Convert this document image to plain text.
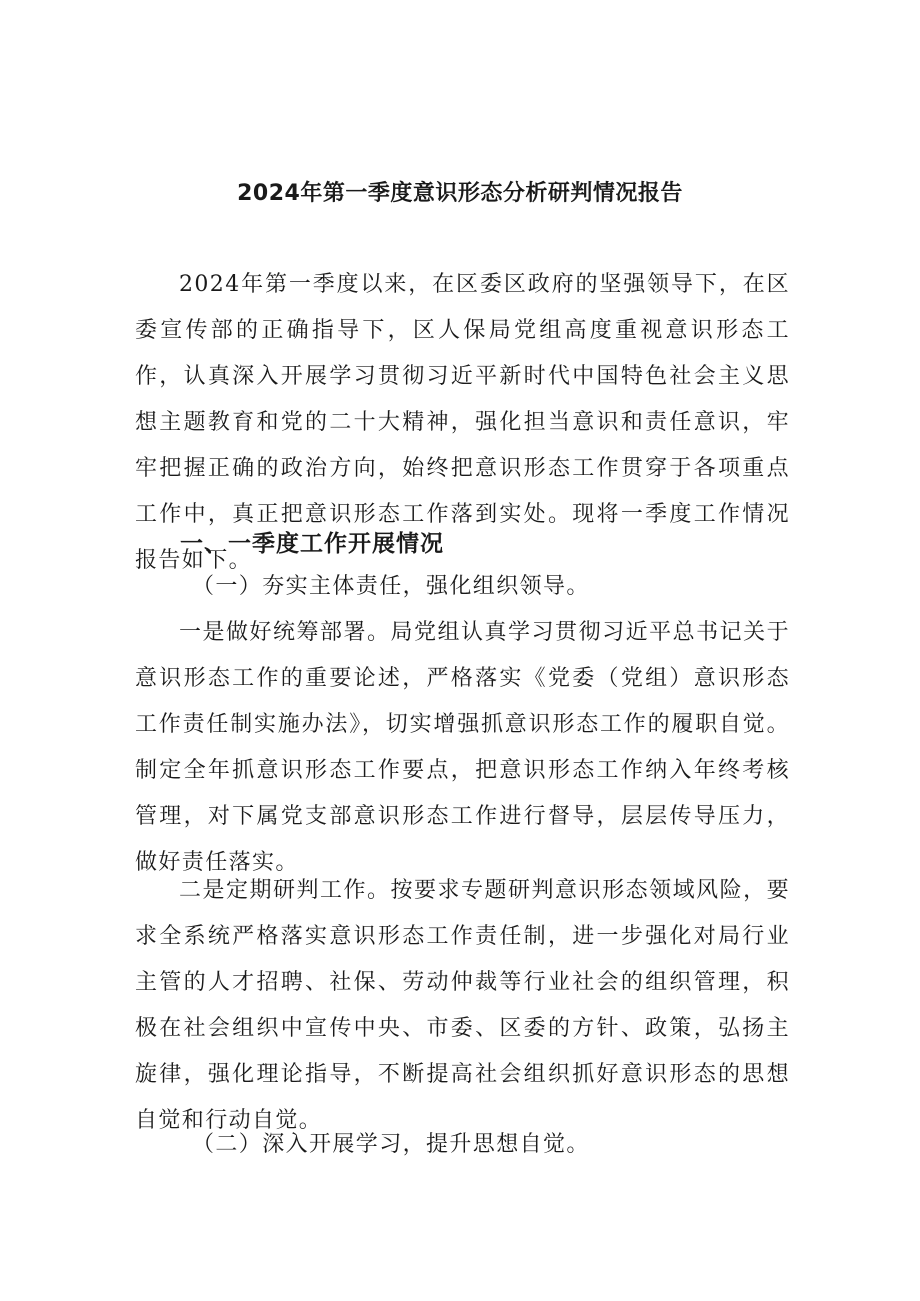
2024年第一季度意识形态分析研判情况报告

2024年第一季度以来，在区委区政府的坚强领导下，在区委宣传部的正确指导下，区人保局党组高度重视意识形态工作，认真深入开展学习贯彻习近平新时代中国特色社会主义思想主题教育和党的二十大精神，强化担当意识和责任意识，牢牢把握正确的政治方向，始终把意识形态工作贯穿于各项重点工作中，真正把意识形态工作落到实处。现将一季度工作情况报告如下。

一、一季度工作开展情况
（一）夯实主体责任，强化组织领导。

一是做好统筹部署。局党组认真学习贯彻习近平总书记关于意识形态工作的重要论述，严格落实《党委（党组）意识形态工作责任制实施办法》，切实增强抓意识形态工作的履职自觉。制定全年抓意识形态工作要点，把意识形态工作纳入年终考核管理，对下属党支部意识形态工作进行督导，层层传导压力，做好责任落实。

二是定期研判工作。按要求专题研判意识形态领域风险，要求全系统严格落实意识形态工作责任制，进一步强化对局行业主管的人才招聘、社保、劳动仲裁等行业社会的组织管理，积极在社会组织中宣传中央、市委、区委的方针、政策，弘扬主旋律，强化理论指导，不断提高社会组织抓好意识形态的思想自觉和行动自觉。

（二）深入开展学习，提升思想自觉。
